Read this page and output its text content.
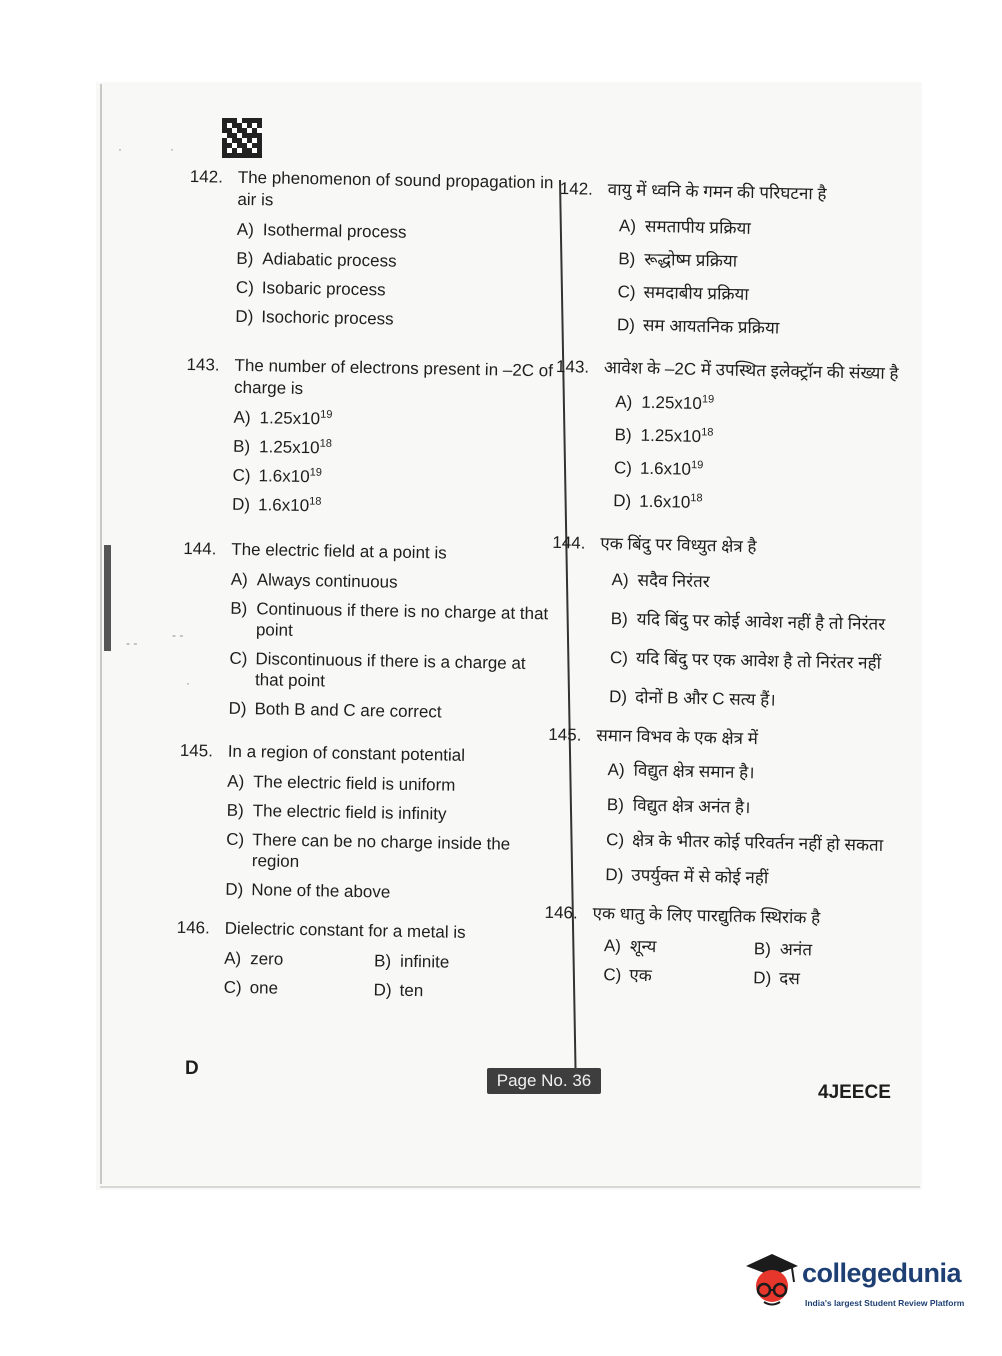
·	·
- -
- -
·
142. The phenomenon of sound propagation in air is
A) Isothermal process
B) Adiabatic process
C) Isobaric process
D) Isochoric process
143. The number of electrons present in –2C of charge is
A) $1.25x10^{19}$
B) $1.25x10^{18}$
C) $1.6x10^{19}$
D) $1.6x10^{18}$
144. The electric field at a point is
A) Always continuous
B) Continuous if there is no charge at that point
C) Discontinuous if there is a charge at that point
D) Both B and C are correct
145. In a region of constant potential
A) The electric field is uniform
B) The electric field is infinity
C) There can be no charge inside the region
D) None of the above
146. Dielectric constant for a metal is
A) zero	B) infinite
C) one	D) ten
142. वायु में ध्वनि के गमन की परिघटना है
A) समतापीय प्रक्रिया
B) रूद्धोष्म प्रक्रिया
C) समदाबीय प्रक्रिया
D) सम आयतनिक प्रक्रिया
143. आवेश के –2C में उपस्थित इलेक्ट्रॉन की संख्या है
A) $1.25x10^{19}$
B) $1.25x10^{18}$
C) $1.6x10^{19}$
D) $1.6x10^{18}$
144. एक बिंदु पर विध्युत क्षेत्र है
A) सदैव निरंतर
B) यदि बिंदु पर कोई आवेश नहीं है तो निरंतर
C) यदि बिंदु पर एक आवेश है तो निरंतर नहीं
D) दोनों B और C सत्य हैं।
145. समान विभव के एक क्षेत्र में
A) विद्युत क्षेत्र समान है।
B) विद्युत क्षेत्र अनंत है।
C) क्षेत्र के भीतर कोई परिवर्तन नहीं हो सकता
D) उपर्युक्त में से कोई नहीं
146. एक धातु के लिए पारद्युतिक स्थिरांक है
A) शून्य	B) अनंत
C) एक	D) दस
D
Page No. 36
4JEECE
collegedunia
India's largest Student Review Platform
